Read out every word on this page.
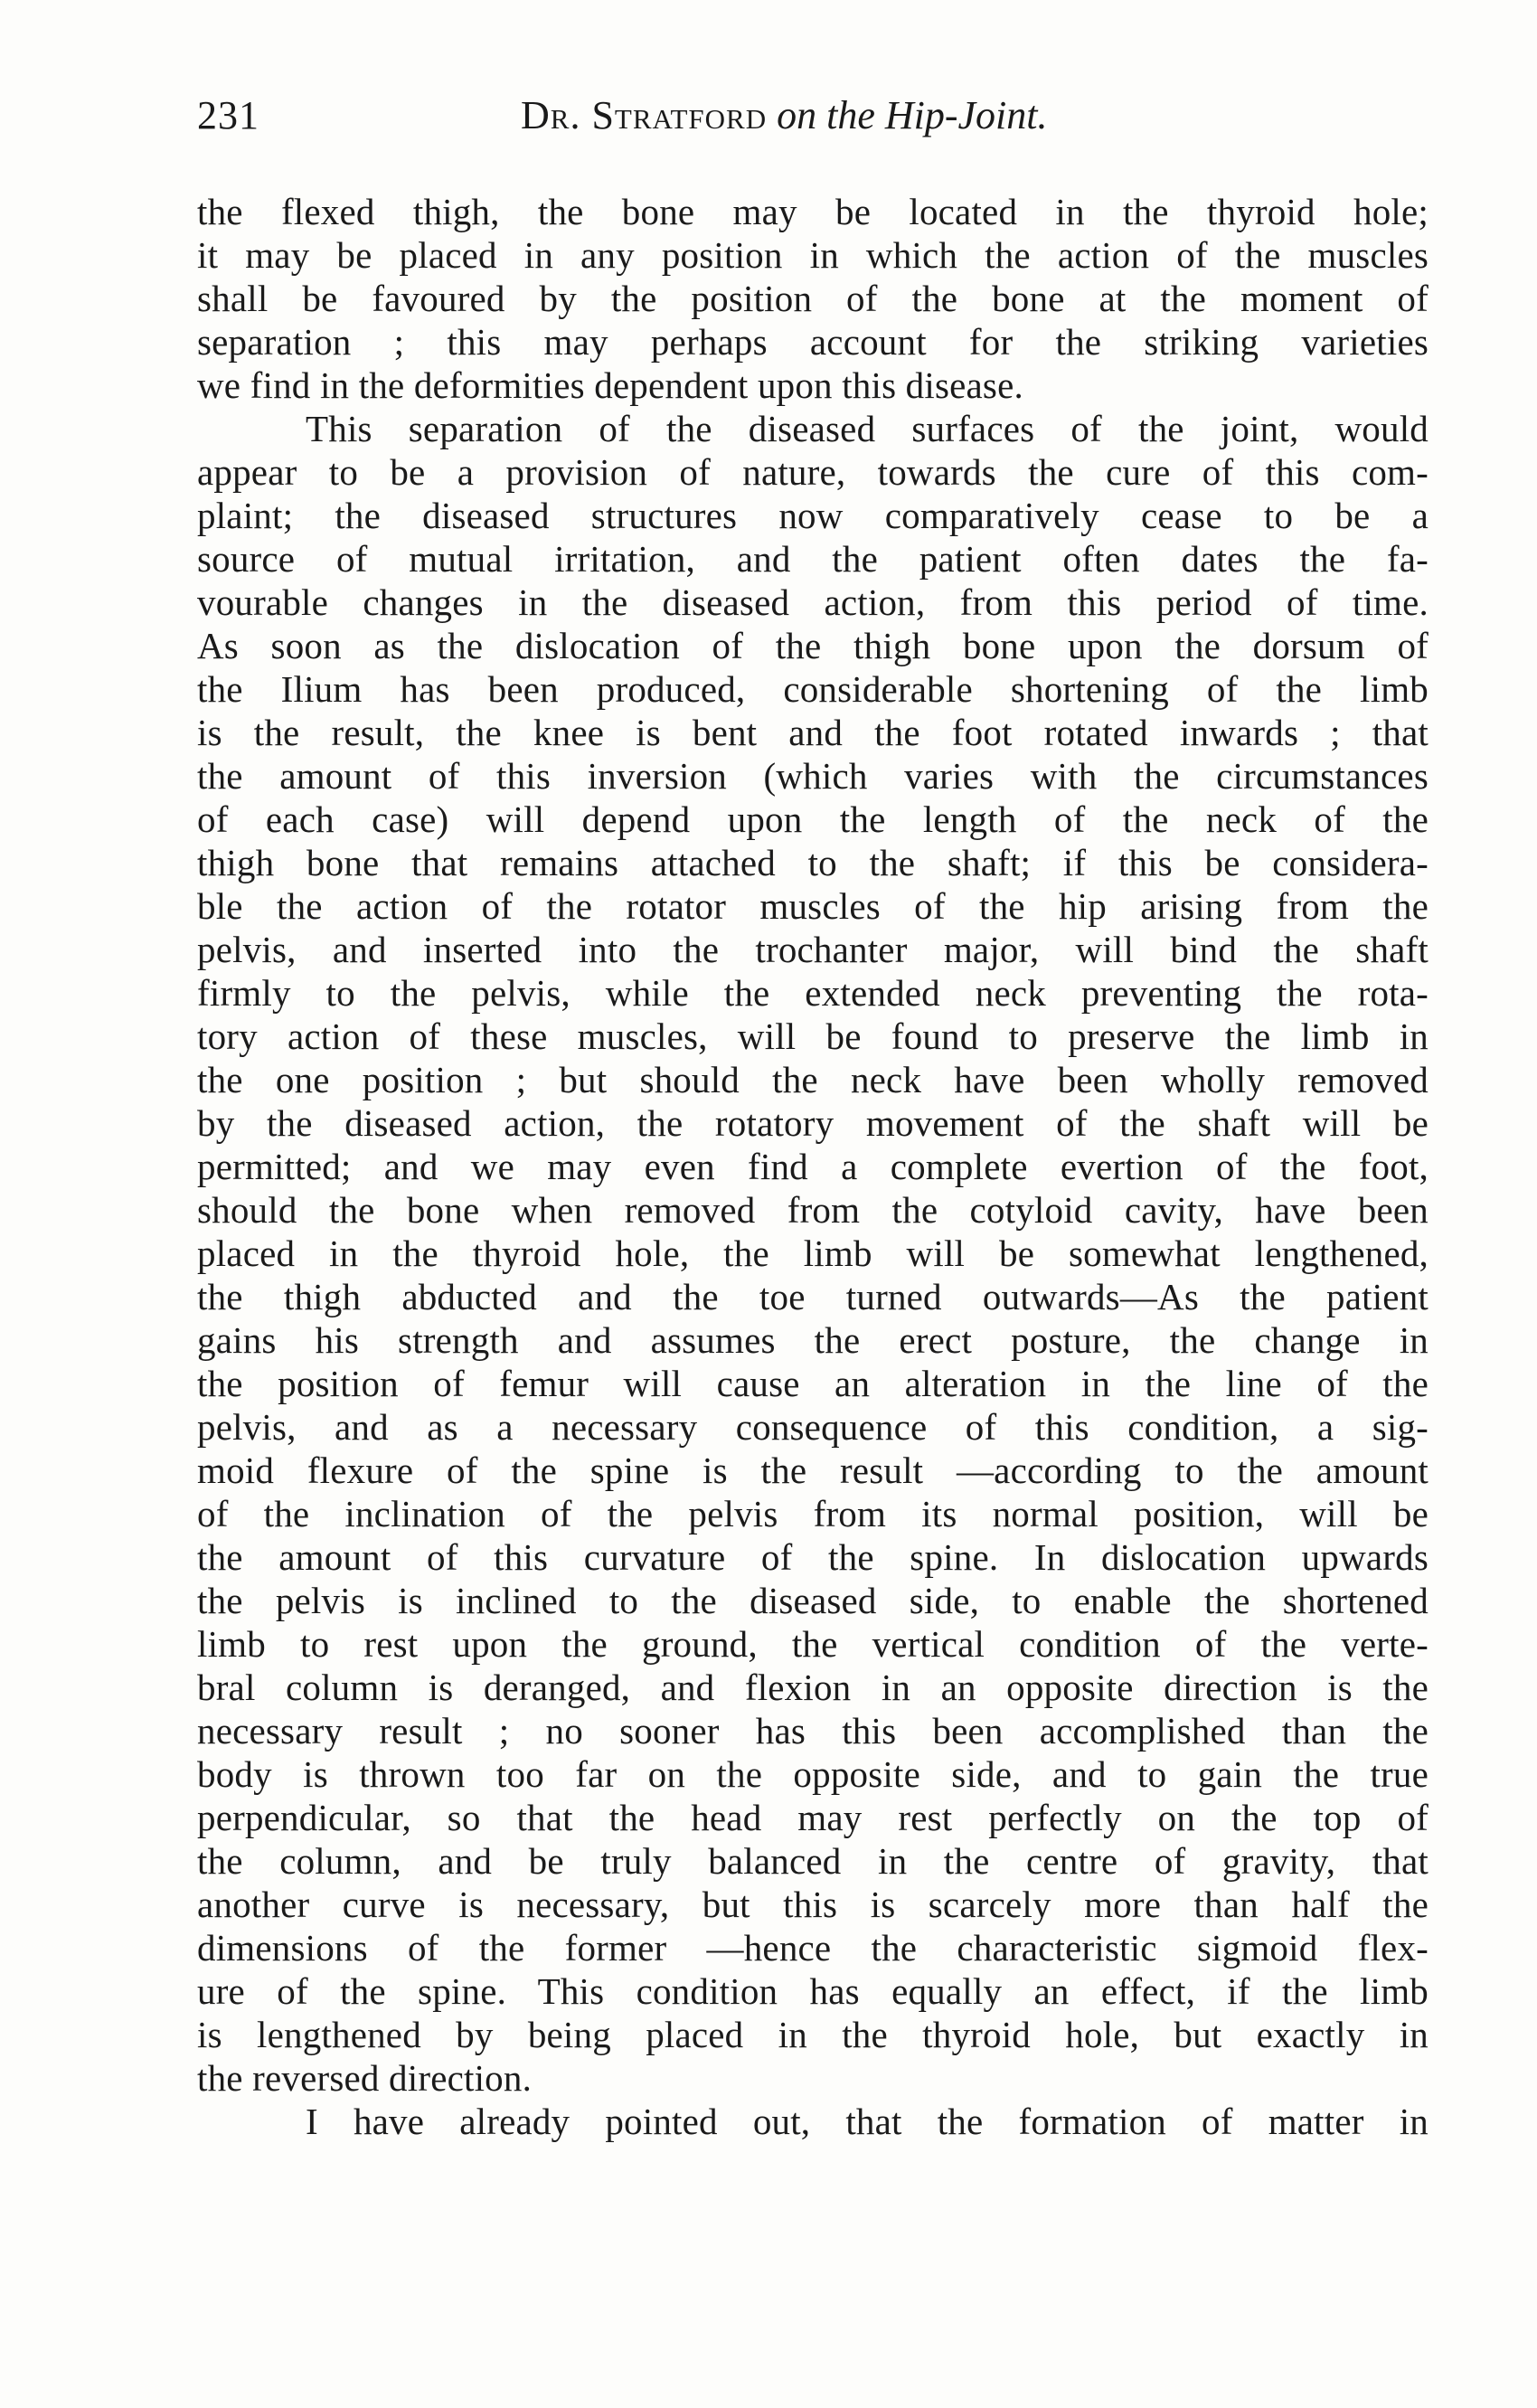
231	Dr. Stratford on the Hip-Joint.
the flexed thigh, the bone may be located in the thyroid hole;
it may be placed in any position in which the action of the muscles
shall be favoured by the position of the bone at the moment of
separation ; this may perhaps account for the striking varieties
we find in the deformities dependent upon this disease.
This separation of the diseased surfaces of the joint, would
appear to be a provision of nature, towards the cure of this com-
plaint; the diseased structures now comparatively cease to be a
source of mutual irritation, and the patient often dates the fa-
vourable changes in the diseased action, from this period of time.
As soon as the dislocation of the thigh bone upon the dorsum of
the Ilium has been produced, considerable shortening of the limb
is the result, the knee is bent and the foot rotated inwards ; that
the amount of this inversion (which varies with the circumstances
of each case) will depend upon the length of the neck of the
thigh bone that remains attached to the shaft; if this be considera-
ble the action of the rotator muscles of the hip arising from the
pelvis, and inserted into the trochanter major, will bind the shaft
firmly to the pelvis, while the extended neck preventing the rota-
tory action of these muscles, will be found to preserve the limb in
the one position ; but should the neck have been wholly removed
by the diseased action, the rotatory movement of the shaft will be
permitted; and we may even find a complete evertion of the foot,
should the bone when removed from the cotyloid cavity, have been
placed in the thyroid hole, the limb will be somewhat lengthened,
the thigh abducted and the toe turned outwards—As the patient
gains his strength and assumes the erect posture, the change in
the position of femur will cause an alteration in the line of the
pelvis, and as a necessary consequence of this condition, a sig-
moid flexure of the spine is the result —according to the amount
of the inclination of the pelvis from its normal position, will be
the amount of this curvature of the spine. In dislocation upwards
the pelvis is inclined to the diseased side, to enable the shortened
limb to rest upon the ground, the vertical condition of the verte-
bral column is deranged, and flexion in an opposite direction is the
necessary result ; no sooner has this been accomplished than the
body is thrown too far on the opposite side, and to gain the true
perpendicular, so that the head may rest perfectly on the top of
the column, and be truly balanced in the centre of gravity, that
another curve is necessary, but this is scarcely more than half the
dimensions of the former —hence the characteristic sigmoid flex-
ure of the spine. This condition has equally an effect, if the limb
is lengthened by being placed in the thyroid hole, but exactly in
the reversed direction.
I have already pointed out, that the formation of matter in
